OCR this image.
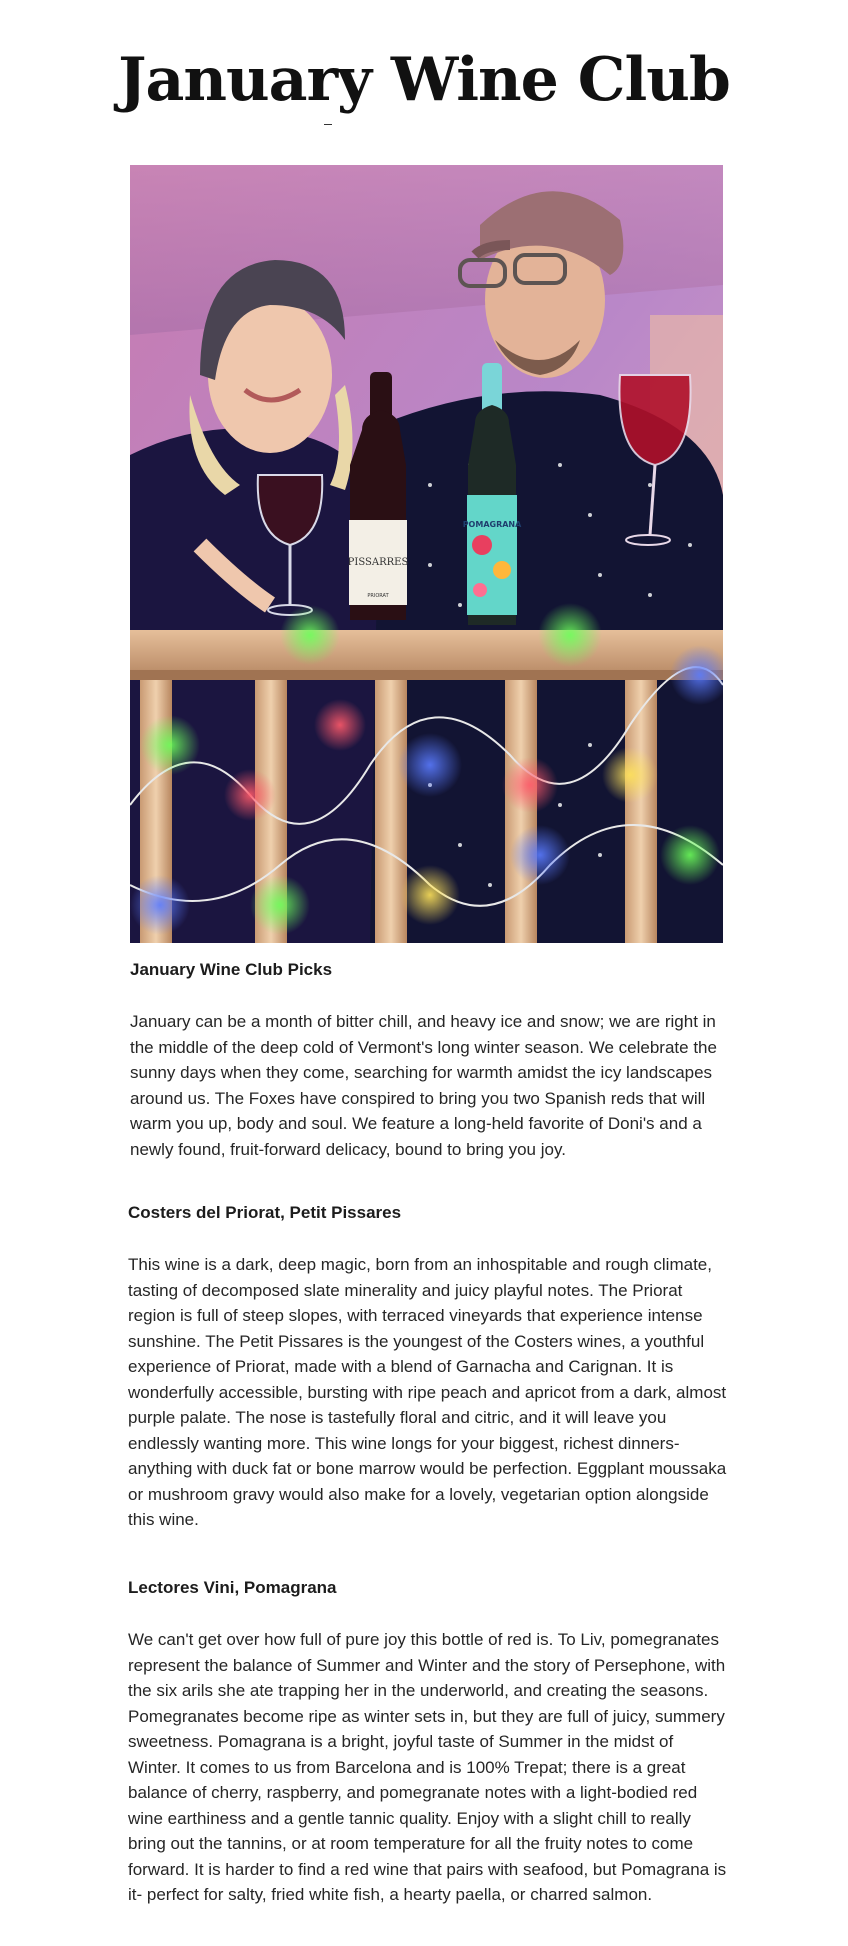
January Wine Club
PISSARRES
PRIORAT
POMAGRANA
January Wine Club Picks

January can be a month of bitter chill, and heavy ice and snow; we are right in the middle of the deep cold of Vermont's long winter season. We celebrate the sunny days when they come, searching for warmth amidst the icy landscapes around us. The Foxes have conspired to bring you two Spanish reds that will warm you up, body and soul. We feature a long-held favorite of Doni's and a newly found, fruit-forward delicacy, bound to bring you joy.

Costers del Priorat, Petit Pissares

This wine is a dark, deep magic, born from an inhospitable and rough climate, tasting of decomposed slate minerality and juicy playful notes. The Priorat region is full of steep slopes, with terraced vineyards that experience intense sunshine. The Petit Pissares is the youngest of the Costers wines, a youthful experience of Priorat, made with a blend of Garnacha and Carignan. It is wonderfully accessible, bursting with ripe peach and apricot from a dark, almost purple palate. The nose is tastefully floral and citric, and it will leave you endlessly wanting more. This wine longs for your biggest, richest dinners- anything with duck fat or bone marrow would be perfection. Eggplant moussaka or mushroom gravy would also make for a lovely, vegetarian option alongside this wine.

Lectores Vini, Pomagrana

We can't get over how full of pure joy this bottle of red is. To Liv, pomegranates represent the balance of Summer and Winter and the story of Persephone, with the six arils she ate trapping her in the underworld, and creating the seasons. Pomegranates become ripe as winter sets in, but they are full of juicy, summery sweetness. Pomagrana is a bright, joyful taste of Summer in the midst of Winter. It comes to us from Barcelona and is 100% Trepat; there is a great balance of cherry, raspberry, and pomegranate notes with a light-bodied red wine earthiness and a gentle tannic quality. Enjoy with a slight chill to really bring out the tannins, or at room temperature for all the fruity notes to come forward. It is harder to find a red wine that pairs with seafood, but Pomagrana is it- perfect for salty, fried white fish, a hearty paella, or charred salmon.
